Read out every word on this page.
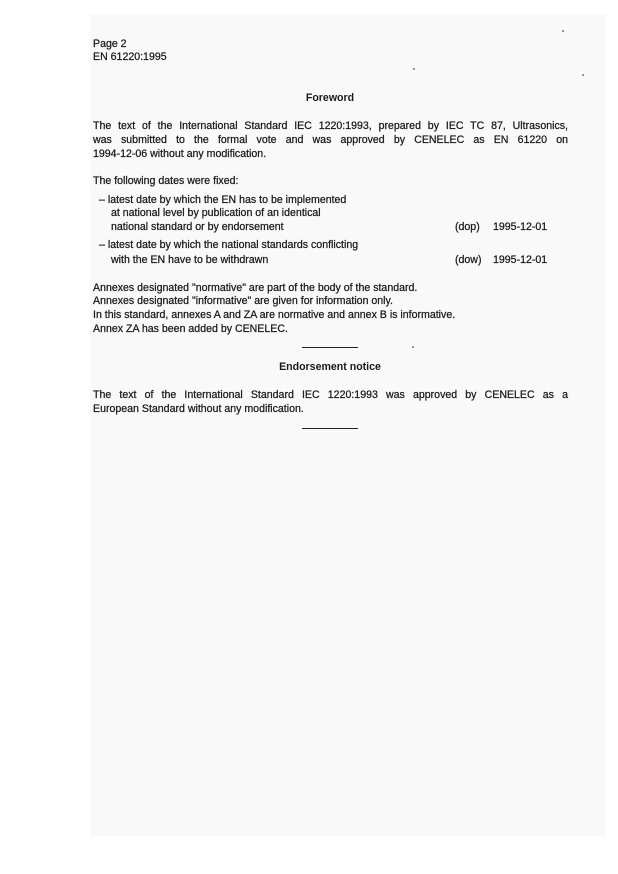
Page 2
EN 61220:1995
Foreword
The text of the International Standard IEC 1220:1993, prepared by IEC TC 87, Ultrasonics,
was submitted to the formal vote and was approved by CENELEC as EN 61220 on
1994-12-06 without any modification.
The following dates were fixed:
– latest date by which the EN has to be implemented
at national level by publication of an identical
national standard or by endorsement	(dop) 1995-12-01
– latest date by which the national standards conflicting
with the EN have to be withdrawn	(dow) 1995-12-01
Annexes designated "normative" are part of the body of the standard.
Annexes designated "informative" are given for information only.
In this standard, annexes A and ZA are normative and annex B is informative.
Annex ZA has been added by CENELEC.
Endorsement notice
The text of the International Standard IEC 1220:1993 was approved by CENELEC as a
European Standard without any modification.
